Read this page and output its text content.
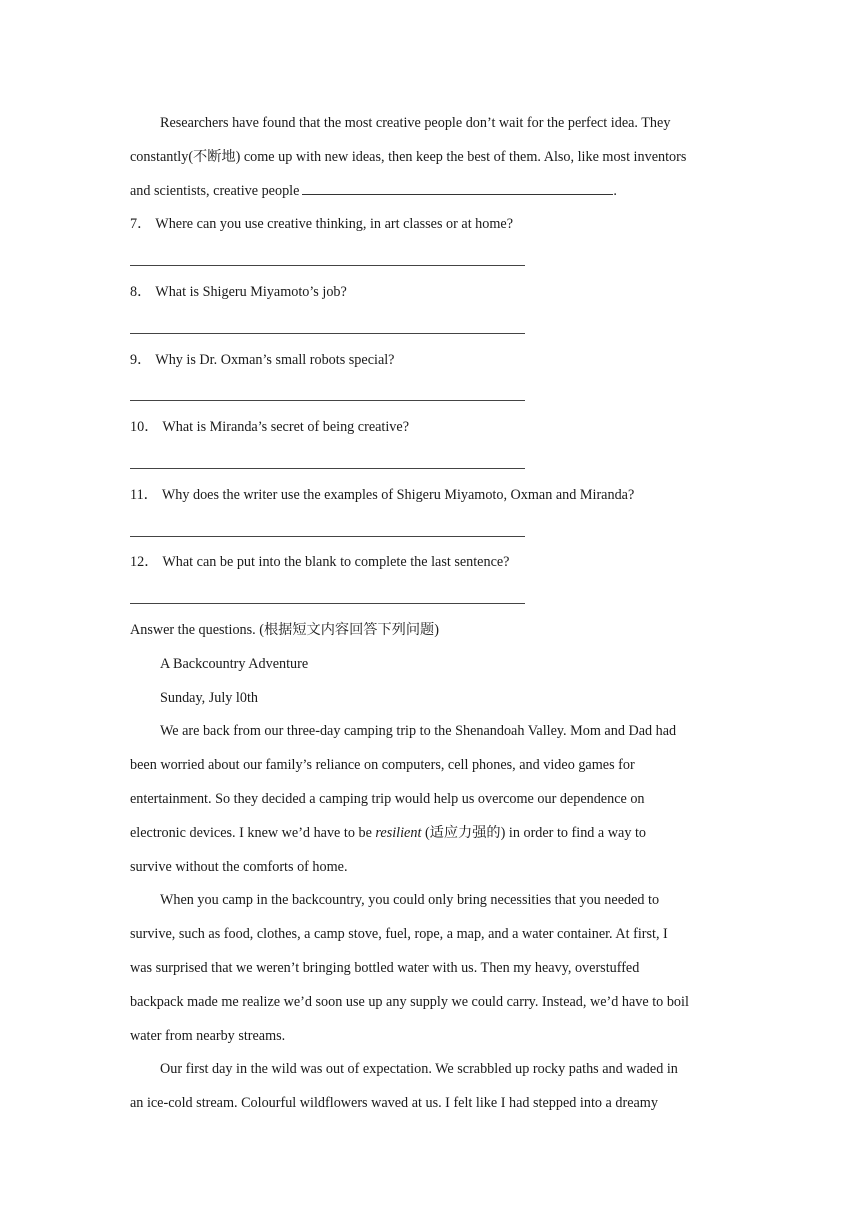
Researchers have found that the most creative people don’t wait for the perfect idea. They
constantly(不断地) come up with new ideas, then keep the best of them. Also, like most inventors
and scientists, creative people	.
7． Where can you use creative thinking, in art classes or at home?
8． What is Shigeru Miyamoto’s job?
9． Why is Dr. Oxman’s small robots special?
10． What is Miranda’s secret of being creative?
11． Why does the writer use the examples of Shigeru Miyamoto, Oxman and Miranda?
12． What can be put into the blank to complete the last sentence?
Answer the questions. (根据短文内容回答下列问题)
A Backcountry Adventure
Sunday, July l0th
We are back from our three-day camping trip to the Shenandoah Valley. Mom and Dad had
been worried about our family’s reliance on computers, cell phones, and video games for
entertainment. So they decided a camping trip would help us overcome our dependence on
electronic devices. I knew we’d have to be resilient (适应力强的) in order to find a way to
survive without the comforts of home.
When you camp in the backcountry, you could only bring necessities that you needed to
survive, such as food, clothes, a camp stove, fuel, rope, a map, and a water container. At first, I
was surprised that we weren’t bringing bottled water with us. Then my heavy, overstuffed
backpack made me realize we’d soon use up any supply we could carry. Instead, we’d have to boil
water from nearby streams.
Our first day in the wild was out of expectation. We scrabbled up rocky paths and waded in
an ice-cold stream. Colourful wildflowers waved at us. I felt like I had stepped into a dreamy
